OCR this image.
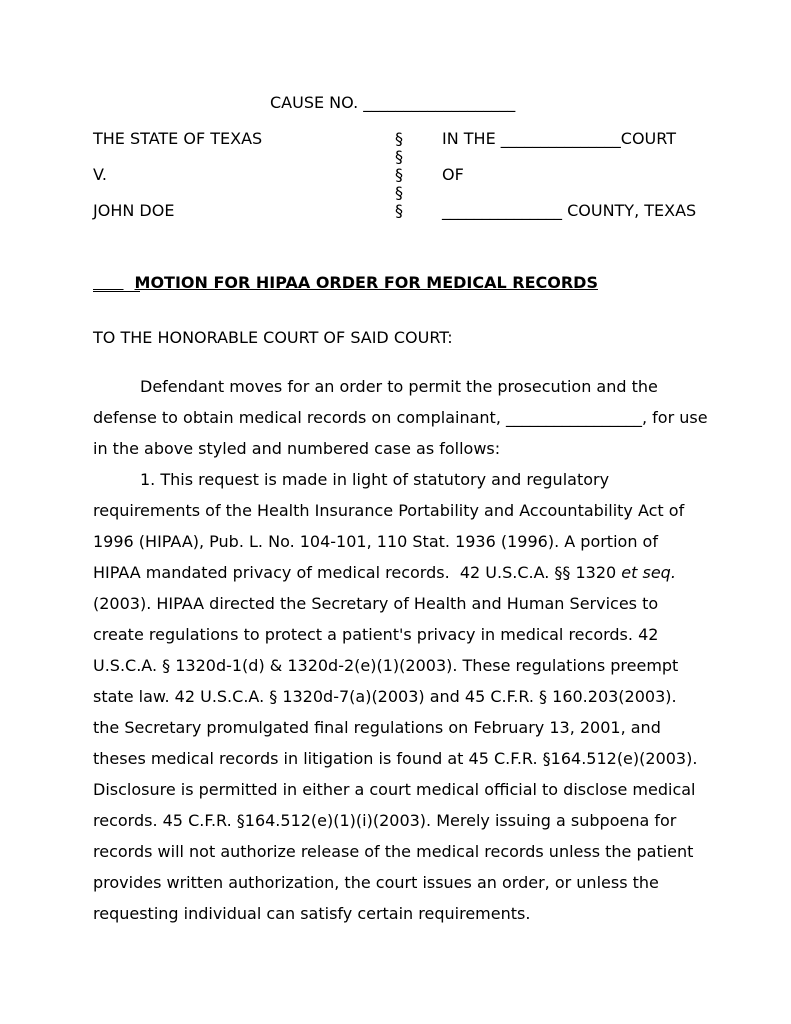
CAUSE NO. ___________________
THE STATE OF TEXAS
V.
JOHN DOE
§
§
§
§
§
IN THE _______________COURT
OF
_______________ COUNTY, TEXAS
MOTION FOR HIPAA ORDER FOR MEDICAL RECORDS
TO THE HONORABLE COURT OF SAID COURT:
Defendant moves for an order to permit the prosecution and the
defense to obtain medical records on complainant, _________________, for use
in the above styled and numbered case as follows:
1. This request is made in light of statutory and regulatory
requirements of the Health Insurance Portability and Accountability Act of
1996 (HIPAA), Pub. L. No. 104-101, 110 Stat. 1936 (1996). A portion of
HIPAA mandated privacy of medical records.  42 U.S.C.A. §§ 1320 et seq.
(2003). HIPAA directed the Secretary of Health and Human Services to
create regulations to protect a patient's privacy in medical records. 42
U.S.C.A. § 1320d-1(d) & 1320d-2(e)(1)(2003). These regulations preempt
state law. 42 U.S.C.A. § 1320d-7(a)(2003) and 45 C.F.R. § 160.203(2003).
the Secretary promulgated final regulations on February 13, 2001, and
theses medical records in litigation is found at 45 C.F.R. §164.512(e)(2003).
Disclosure is permitted in either a court medical official to disclose medical
records. 45 C.F.R. §164.512(e)(1)(i)(2003). Merely issuing a subpoena for
records will not authorize release of the medical records unless the patient
provides written authorization, the court issues an order, or unless the
requesting individual can satisfy certain requirements.
